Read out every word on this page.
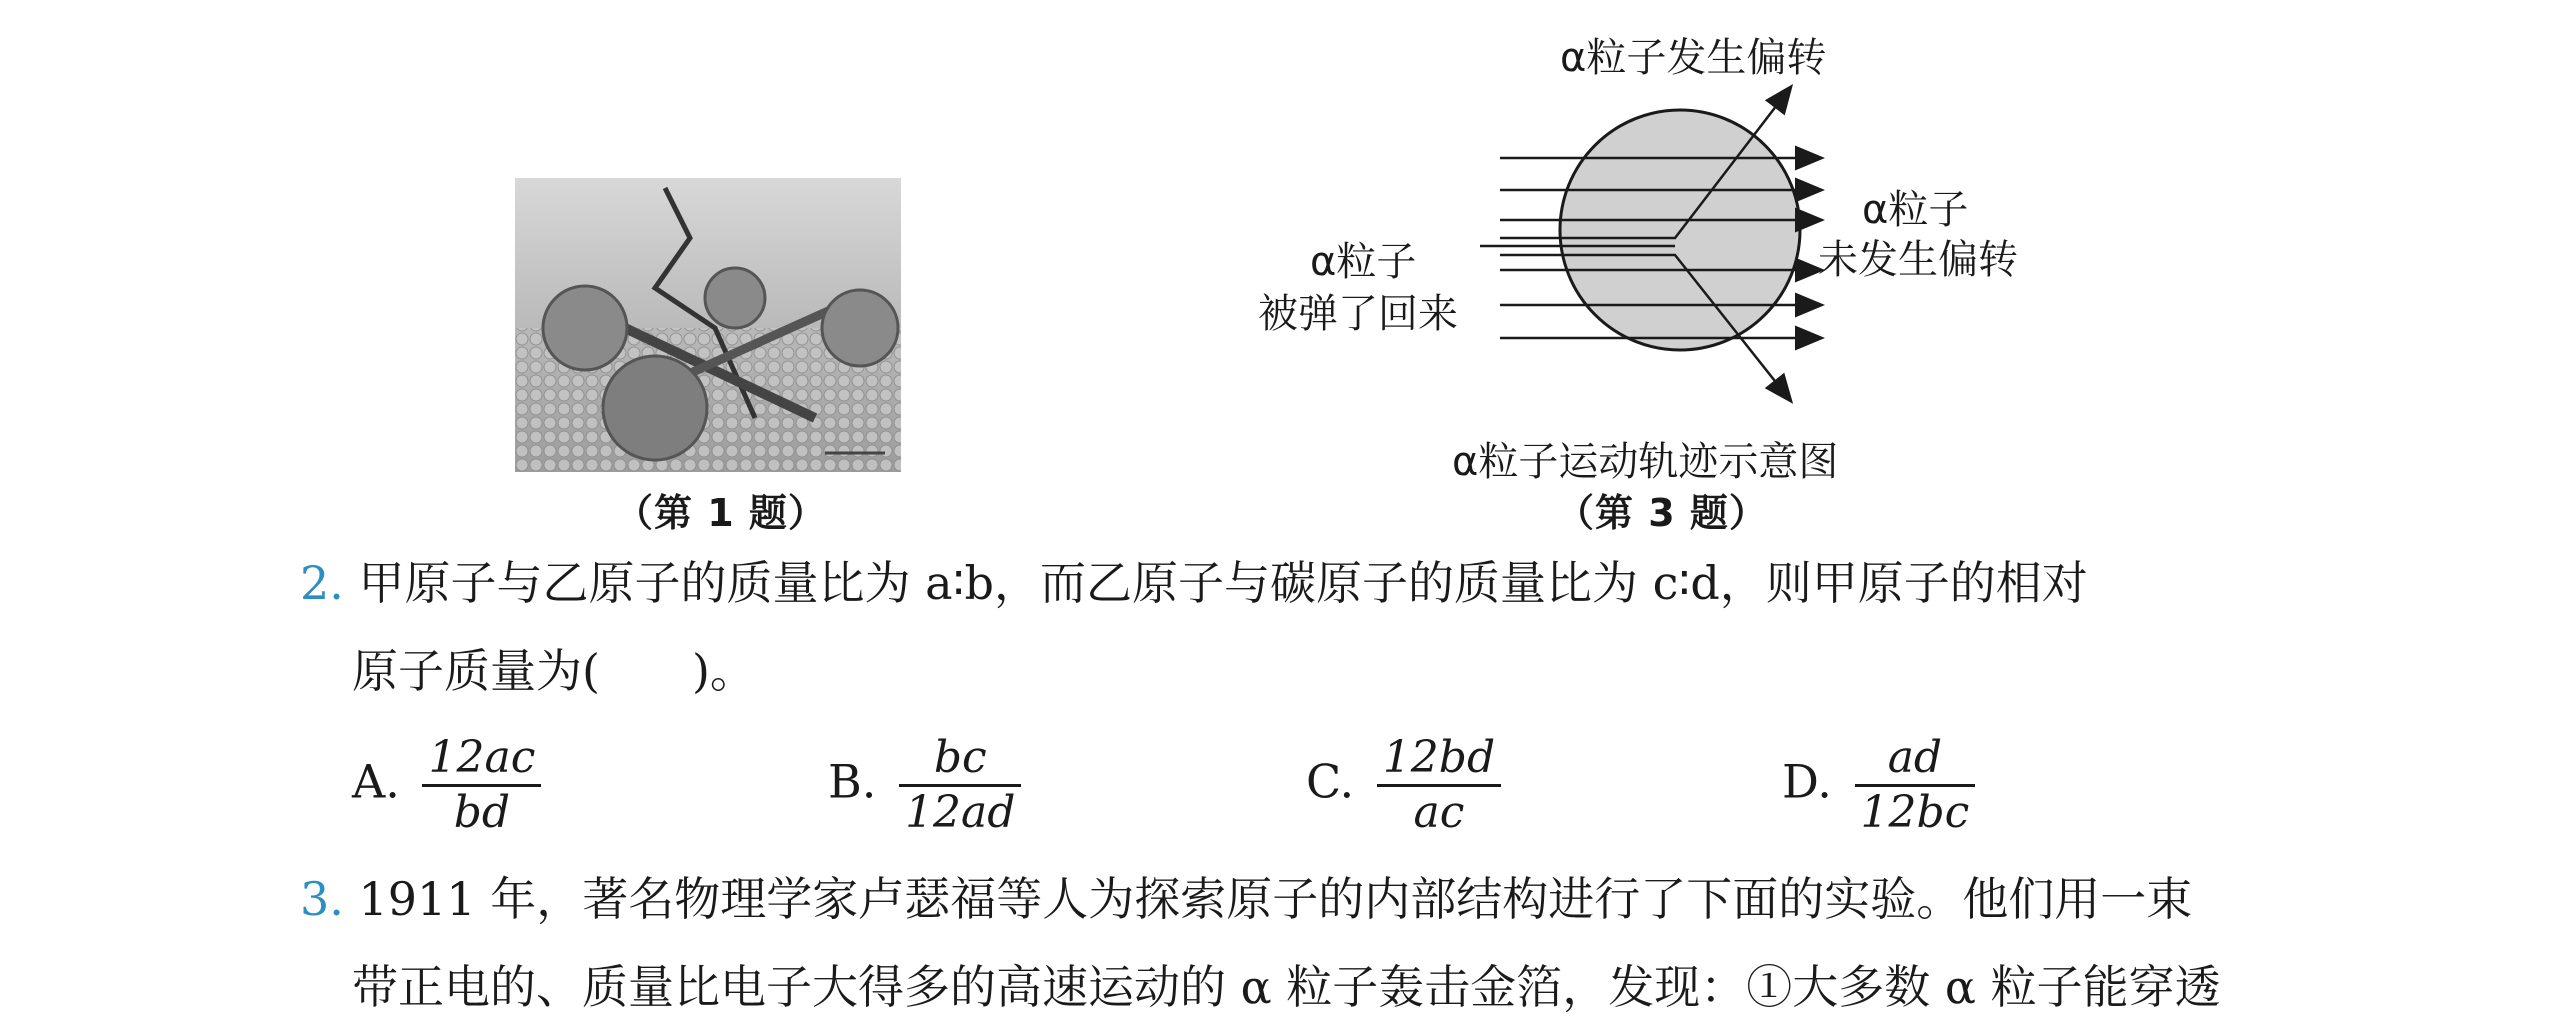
（第 1 题）
α粒子发生偏转
α粒子
未发生偏转
α粒子
被弹了回来
α粒子运动轨迹示意图
（第 3 题）
2. 甲原子与乙原子的质量比为 a∶b，而乙原子与碳原子的质量比为 c∶d，则甲原子的相对
原子质量为(　　)。
A. $\frac{12ac}{bd}$	B. $\frac{bc}{12ad}$	C. $\frac{12bd}{ac}$	D. $\frac{ad}{12bc}$
3. 1911 年，著名物理学家卢瑟福等人为探索原子的内部结构进行了下面的实验。他们用一束
带正电的、质量比电子大得多的高速运动的 α 粒子轰击金箔，发现：①大多数 α 粒子能穿透
